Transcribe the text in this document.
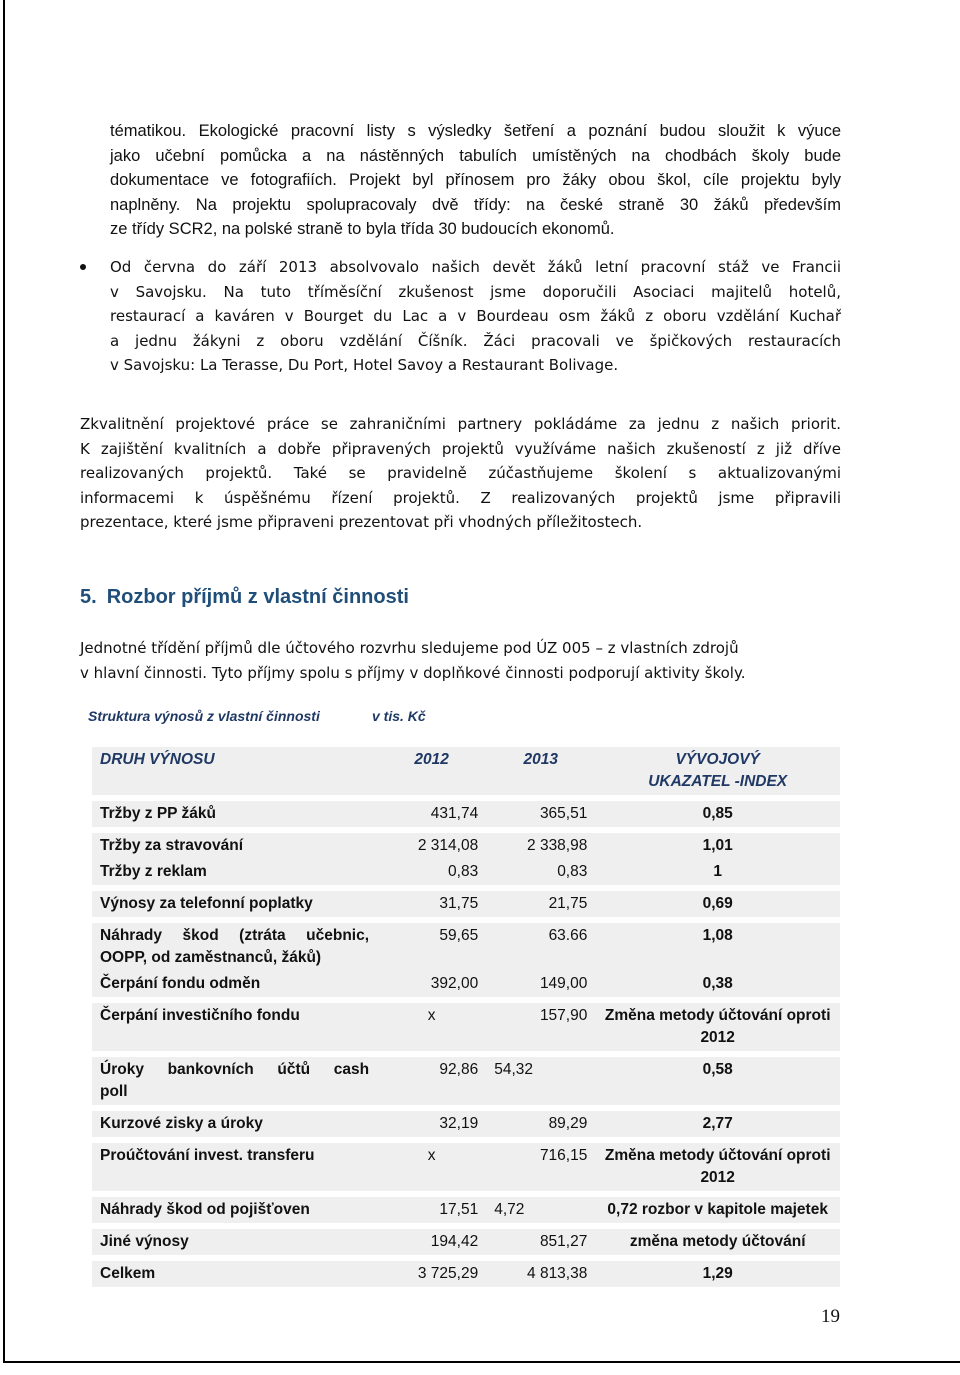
tématikou. Ekologické pracovní listy s výsledky šetření a poznání budou sloužit k výuce
jako učební pomůcka a na nástěnných tabulích umístěných na chodbách školy bude
dokumentace ve fotografiích. Projekt byl přínosem pro žáky obou škol, cíle projektu byly
naplněny. Na projektu spolupracovaly dvě třídy: na české straně 30 žáků především
ze třídy SCR2, na polské straně to byla třída 30 budoucích ekonomů.
Od června do září 2013 absolvovalo našich devět žáků letní pracovní stáž ve Francii
v Savojsku. Na tuto tříměsíční zkušenost jsme doporučili Asociaci majitelů hotelů,
restaurací a kaváren v Bourget du Lac a v Bourdeau osm žáků z oboru vzdělání Kuchař
a jednu žákyni z oboru vzdělání Číšník. Žáci pracovali ve špičkových restauracích
v Savojsku: La Terasse, Du Port, Hotel Savoy a Restaurant Bolivage.
Zkvalitnění projektové práce se zahraničními partnery pokládáme za jednu z našich priorit.
K zajištění kvalitních a dobře připravených projektů využíváme našich zkušeností z již dříve
realizovaných projektů. Také se pravidelně zúčastňujeme školení s aktualizovanými
informacemi k úspěšnému řízení projektů. Z realizovaných projektů jsme připravili
prezentace, které jsme připraveni prezentovat při vhodných příležitostech.
5. Rozbor příjmů z vlastní činnosti
Jednotné třídění příjmů dle účtového rozvrhu sledujeme pod ÚZ 005 – z vlastních zdrojů
v hlavní činnosti. Tyto příjmy spolu s příjmy v doplňkové činnosti podporují aktivity školy.
Struktura výnosů z vlastní činnosti	v tis. Kč
DRUH VÝNOSU	2012	2013	VÝVOJOVÝ
UKAZATEL -INDEX

Tržby z PP žáků	431,74	365,51	0,85

Tržby za stravování	2 314,08	2 338,98	1,01
Tržby z reklam	0,83	0,83	1

Výnosy za telefonní poplatky	31,75	21,75	0,69

Náhrady škod (ztráta učebnic,
OOPP, od zaměstnanců, žáků)	59,65	63.66	1,08
Čerpání fondu odměn	392,00	149,00	0,38

Čerpání investičního fondu	x	157,90	Změna metody účtování oproti
2012

Úroky bankovních účtů cash
poll	92,86	54,32	0,58

Kurzové zisky a úroky	32,19	89,29	2,77

Proúčtování invest. transferu	x	716,15	Změna metody účtování oproti
2012

Náhrady škod od pojišťoven	17,51	4,72	0,72 rozbor v kapitole majetek

Jiné výnosy	194,42	851,27	změna metody účtování

Celkem	3 725,29	4 813,38	1,29
19
